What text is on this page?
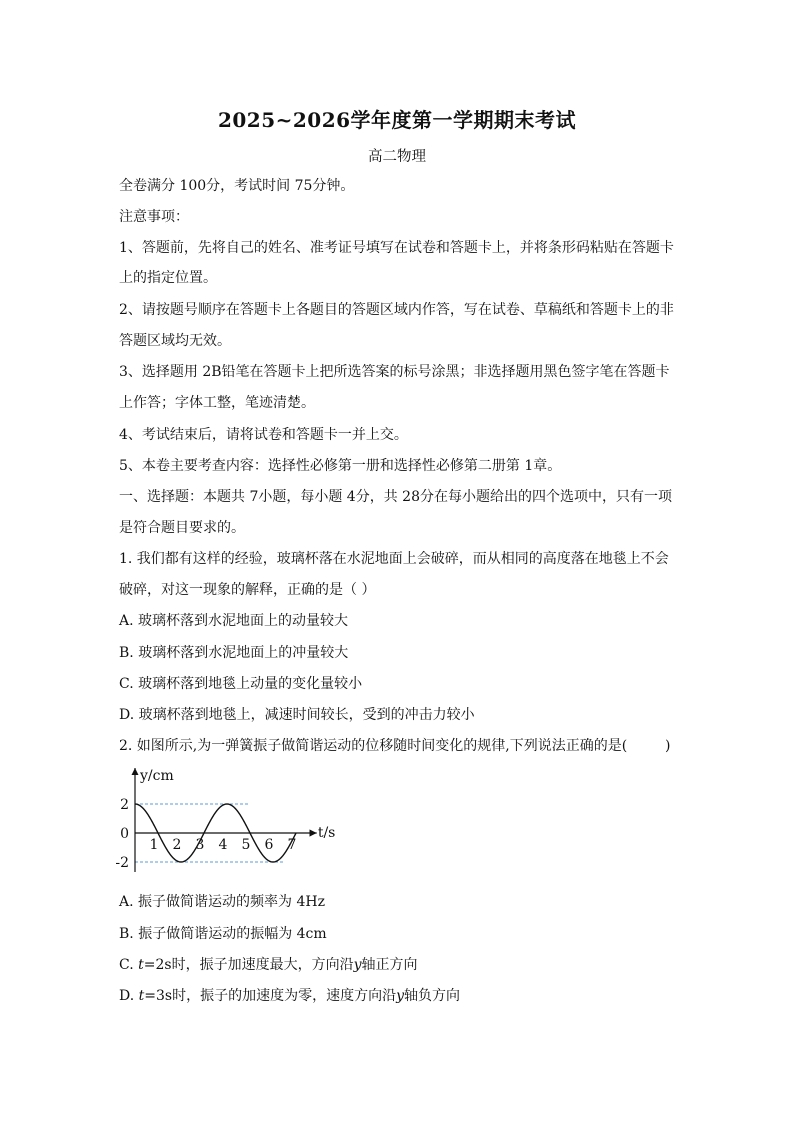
2025~2026学年度第一学期期末考试
高二物理
全卷满分 100分，考试时间 75分钟。
注意事项：
1、答题前，先将自己的姓名、准考证号填写在试卷和答题卡上，并将条形码粘贴在答题卡
上的指定位置。
2、请按题号顺序在答题卡上各题目的答题区域内作答，写在试卷、草稿纸和答题卡上的非
答题区域均无效。
3、选择题用 2B铅笔在答题卡上把所选答案的标号涂黑；非选择题用黑色签字笔在答题卡
上作答；字体工整，笔迹清楚。
4、考试结束后，请将试卷和答题卡一并上交。
5、本卷主要考查内容：选择性必修第一册和选择性必修第二册第 1章。
一、选择题：本题共 7小题，每小题 4分，共 28分在每小题给出的四个选项中，只有一项
是符合题目要求的。
1. 我们都有这样的经验，玻璃杯落在水泥地面上会破碎，而从相同的高度落在地毯上不会
破碎，对这一现象的解释，正确的是（ ）
A. 玻璃杯落到水泥地面上的动量较大
B. 玻璃杯落到水泥地面上的冲量较大
C. 玻璃杯落到地毯上动量的变化量较小
D. 玻璃杯落到地毯上，减速时间较长，受到的冲击力较小
2. 如图所示,为一弹簧振子做简谐运动的位移随时间变化的规律,下列说法正确的是(	)
2
0
-2
1 2 3 4 5 6 7
y/cm
t/s
A. 振子做简谐运动的频率为 4Hz
B. 振子做简谐运动的振幅为 4cm
C. t=2s时，振子加速度最大，方向沿y轴正方向
D. t=3s时，振子的加速度为零，速度方向沿y轴负方向
